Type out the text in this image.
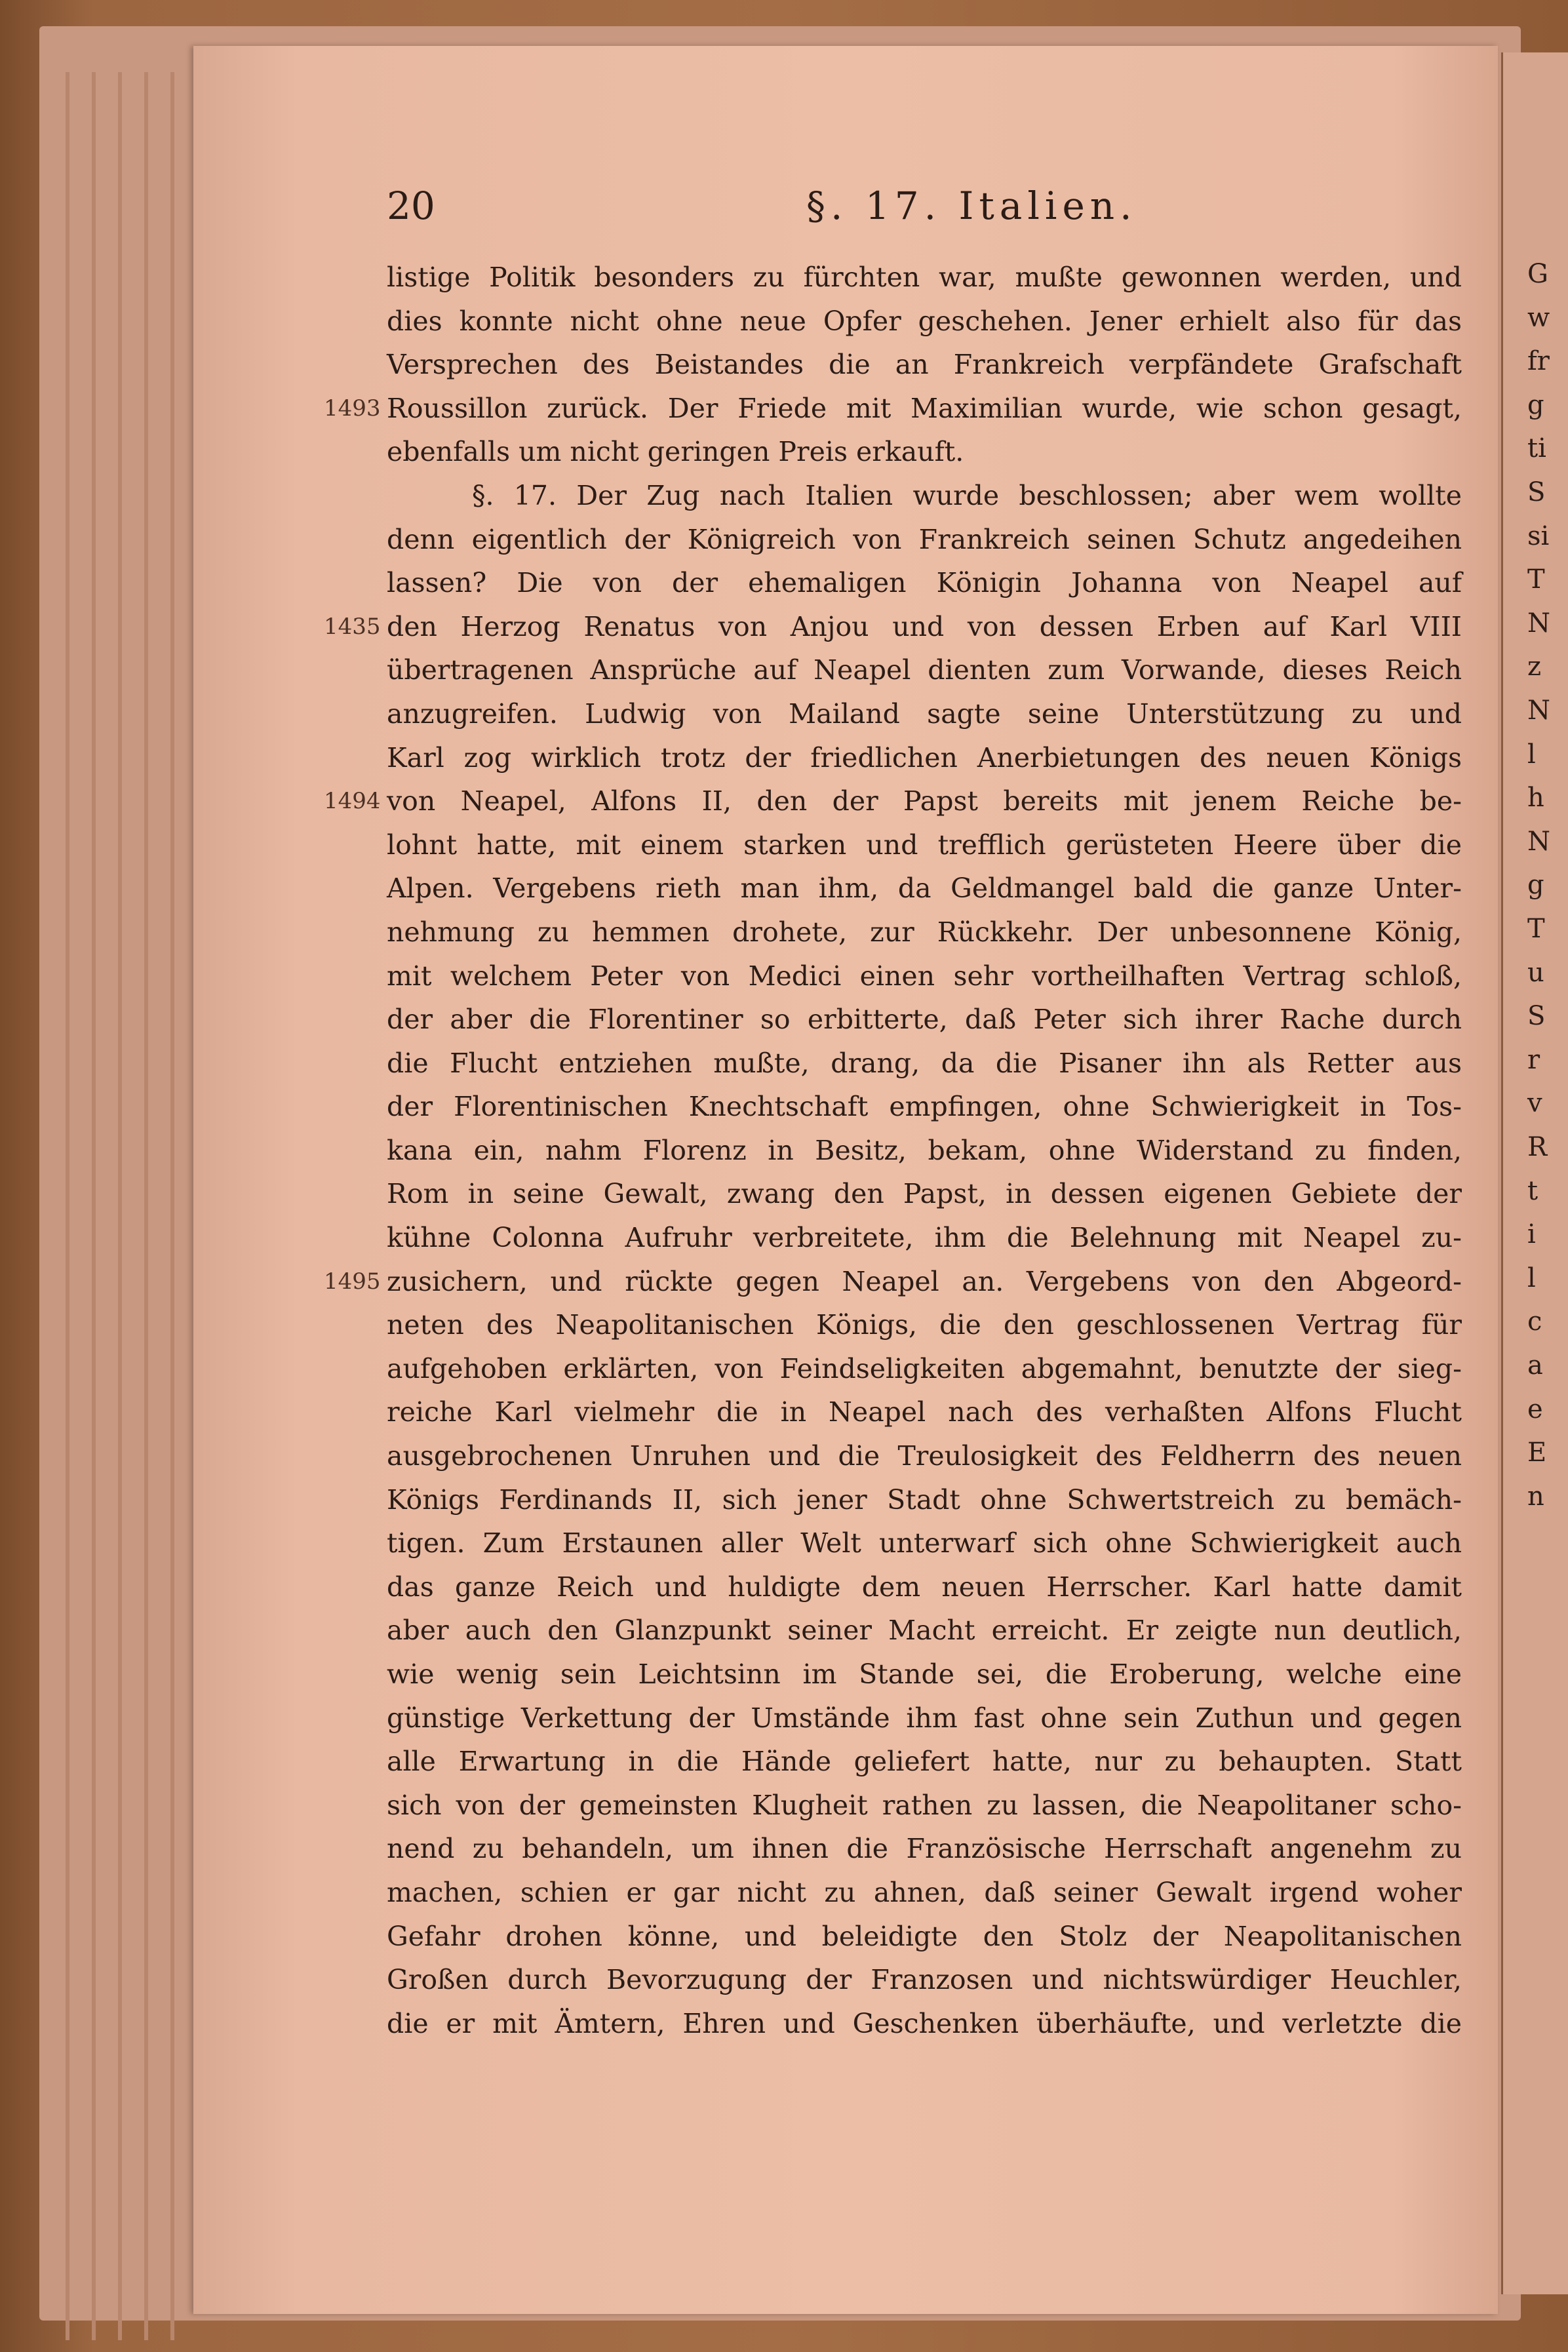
20	§. 17. Italien.
listige Politik besonders zu fürchten war, mußte gewonnen werden, und
dies konnte nicht ohne neue Opfer geschehen. Jener erhielt also für das
Versprechen des Beistandes die an Frankreich verpfändete Grafschaft
1493 Roussillon zurück. Der Friede mit Maximilian wurde, wie schon gesagt,
ebenfalls um nicht geringen Preis erkauft.
§. 17. Der Zug nach Italien wurde beschlossen; aber wem wollte
denn eigentlich der Königreich von Frankreich seinen Schutz angedeihen
lassen? Die von der ehemaligen Königin Johanna von Neapel auf
1435 den Herzog Renatus von Anjou und von dessen Erben auf Karl VIII
übertragenen Ansprüche auf Neapel dienten zum Vorwande, dieses Reich
anzugreifen. Ludwig von Mailand sagte seine Unterstützung zu und
Karl zog wirklich trotz der friedlichen Anerbietungen des neuen Königs
1494 von Neapel, Alfons II, den der Papst bereits mit jenem Reiche be-
lohnt hatte, mit einem starken und trefflich gerüsteten Heere über die
Alpen. Vergebens rieth man ihm, da Geldmangel bald die ganze Unter-
nehmung zu hemmen drohete, zur Rückkehr. Der unbesonnene König,
mit welchem Peter von Medici einen sehr vortheilhaften Vertrag schloß,
der aber die Florentiner so erbitterte, daß Peter sich ihrer Rache durch
die Flucht entziehen mußte, drang, da die Pisaner ihn als Retter aus
der Florentinischen Knechtschaft empfingen, ohne Schwierigkeit in Tos-
kana ein, nahm Florenz in Besitz, bekam, ohne Widerstand zu finden,
Rom in seine Gewalt, zwang den Papst, in dessen eigenen Gebiete der
kühne Colonna Aufruhr verbreitete, ihm die Belehnung mit Neapel zu-
1495 zusichern, und rückte gegen Neapel an. Vergebens von den Abgeord-
neten des Neapolitanischen Königs, die den geschlossenen Vertrag für
aufgehoben erklärten, von Feindseligkeiten abgemahnt, benutzte der sieg-
reiche Karl vielmehr die in Neapel nach des verhaßten Alfons Flucht
ausgebrochenen Unruhen und die Treulosigkeit des Feldherrn des neuen
Königs Ferdinands II, sich jener Stadt ohne Schwertstreich zu bemäch-
tigen. Zum Erstaunen aller Welt unterwarf sich ohne Schwierigkeit auch
das ganze Reich und huldigte dem neuen Herrscher. Karl hatte damit
aber auch den Glanzpunkt seiner Macht erreicht. Er zeigte nun deutlich,
wie wenig sein Leichtsinn im Stande sei, die Eroberung, welche eine
günstige Verkettung der Umstände ihm fast ohne sein Zuthun und gegen
alle Erwartung in die Hände geliefert hatte, nur zu behaupten. Statt
sich von der gemeinsten Klugheit rathen zu lassen, die Neapolitaner scho-
nend zu behandeln, um ihnen die Französische Herrschaft angenehm zu
machen, schien er gar nicht zu ahnen, daß seiner Gewalt irgend woher
Gefahr drohen könne, und beleidigte den Stolz der Neapolitanischen
Großen durch Bevorzugung der Franzosen und nichtswürdiger Heuchler,
die er mit Ämtern, Ehren und Geschenken überhäufte, und verletzte die
G
w
fr
g
ti
S
si
T
N
z
N
l
h
N
g
T
u
S
r
v
R
t
i
l
c
a
e
E
n
